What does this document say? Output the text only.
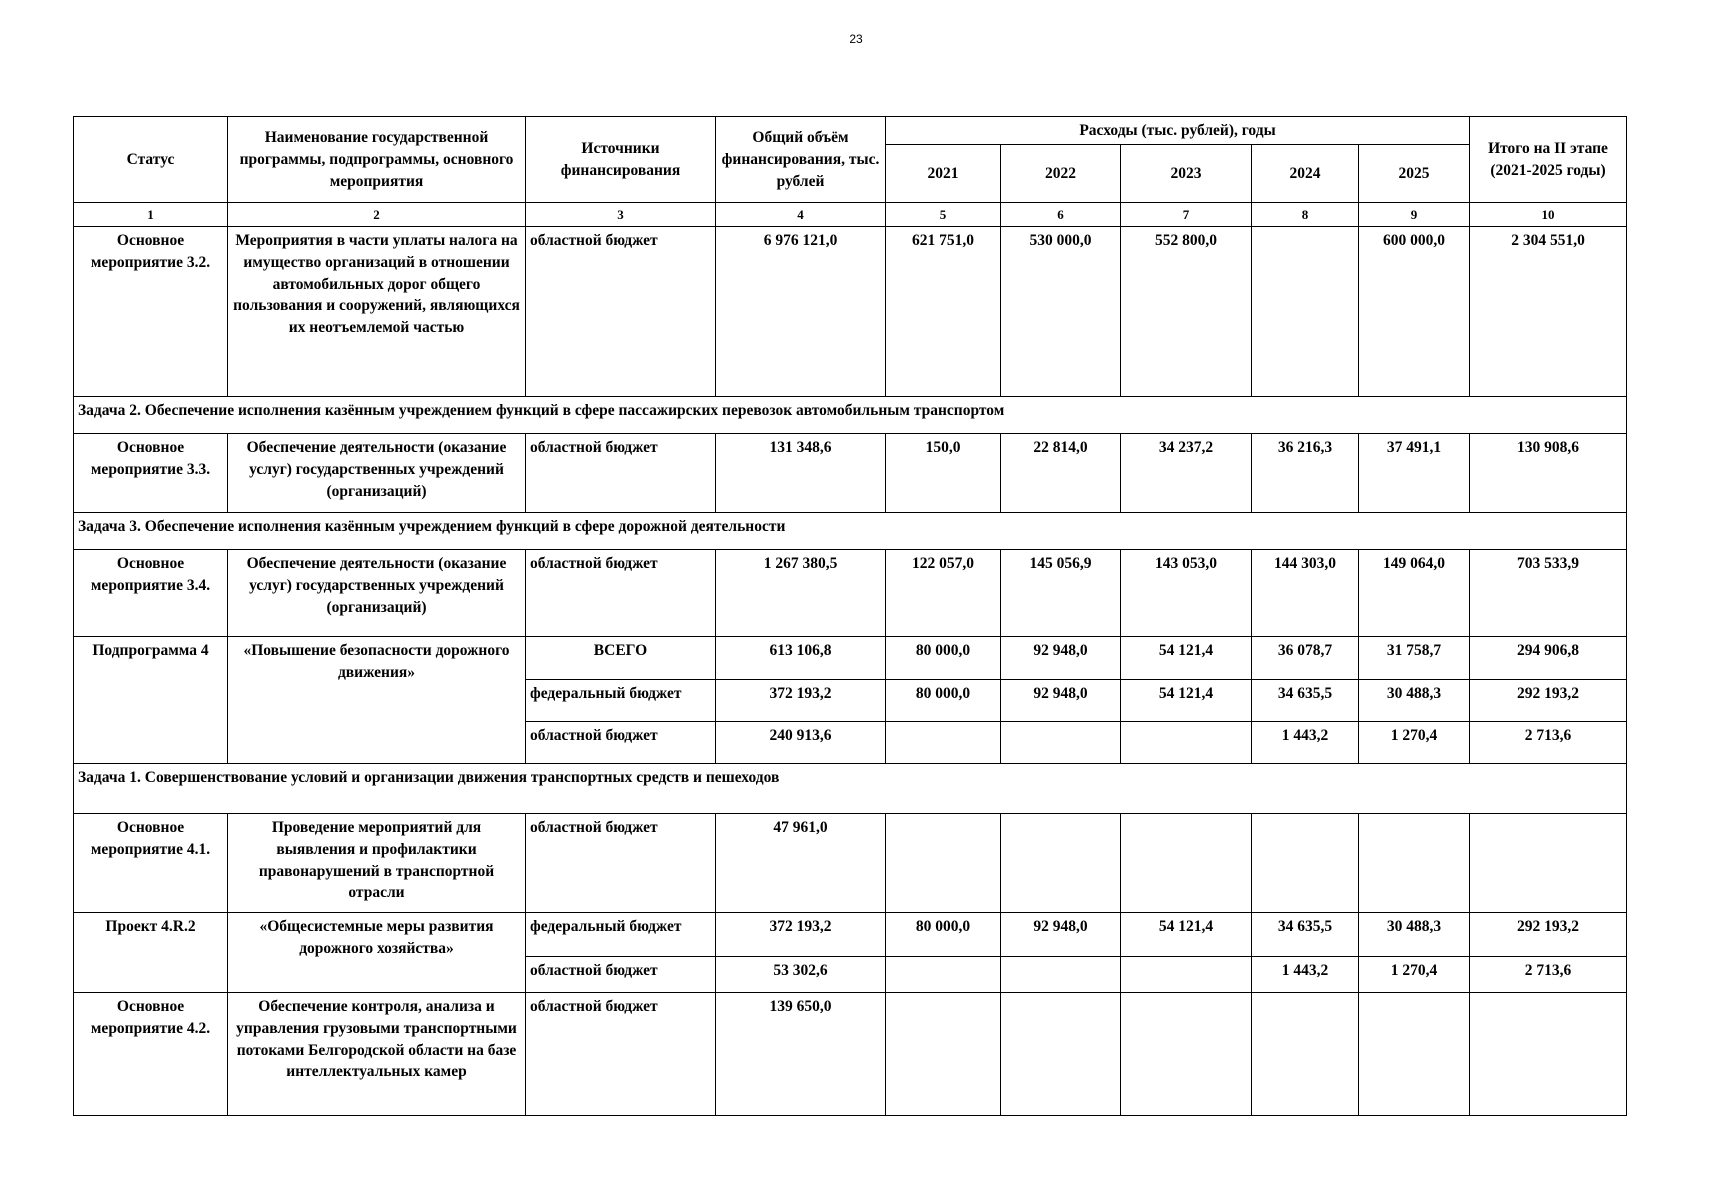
23
Статус	Наименование государственной программы, подпрограммы, основного мероприятия	Источники финансирования	Общий объём финансирования, тыс. рублей	Расходы (тыс. рублей), годы					Итого на II этапе (2021-2025 годы)
				2021	2022	2023	2024	2025	
1	2	3	4	5	6	7	8	9	10
Основное мероприятие 3.2.	Мероприятия в части уплаты налога на имущество организаций в отношении автомобильных дорог общего пользования и сооружений, являющихся их неотъемлемой частью	областной бюджет	6 976 121,0	621 751,0	530 000,0	552 800,0		600 000,0	2 304 551,0
Задача 2. Обеспечение исполнения казённым учреждением функций в сфере пассажирских перевозок автомобильным транспортом									
Основное мероприятие 3.3.	Обеспечение деятельности (оказание услуг) государственных учреждений (организаций)	областной бюджет	131 348,6	150,0	22 814,0	34 237,2	36 216,3	37 491,1	130 908,6
Задача 3. Обеспечение исполнения казённым учреждением функций в сфере дорожной деятельности									
Основное мероприятие 3.4.	Обеспечение деятельности (оказание услуг) государственных учреждений (организаций)	областной бюджет	1 267 380,5	122 057,0	145 056,9	143 053,0	144 303,0	149 064,0	703 533,9
Подпрограмма 4	«Повышение безопасности дорожного движения»	ВСЕГО	613 106,8	80 000,0	92 948,0	54 121,4	36 078,7	31 758,7	294 906,8
		федеральный бюджет	372 193,2	80 000,0	92 948,0	54 121,4	34 635,5	30 488,3	292 193,2
		областной бюджет	240 913,6				1 443,2	1 270,4	2 713,6
Задача 1. Совершенствование условий и организации движения транспортных средств и пешеходов									
Основное мероприятие 4.1.	Проведение мероприятий для выявления и профилактики правонарушений в транспортной отрасли	областной бюджет	47 961,0						
Проект 4.R.2	«Общесистемные меры развития дорожного хозяйства»	федеральный бюджет	372 193,2	80 000,0	92 948,0	54 121,4	34 635,5	30 488,3	292 193,2
		областной бюджет	53 302,6				1 443,2	1 270,4	2 713,6
Основное мероприятие 4.2.	Обеспечение контроля, анализа и управления грузовыми транспортными потоками Белгородской области на базе интеллектуальных камер	областной бюджет	139 650,0						
